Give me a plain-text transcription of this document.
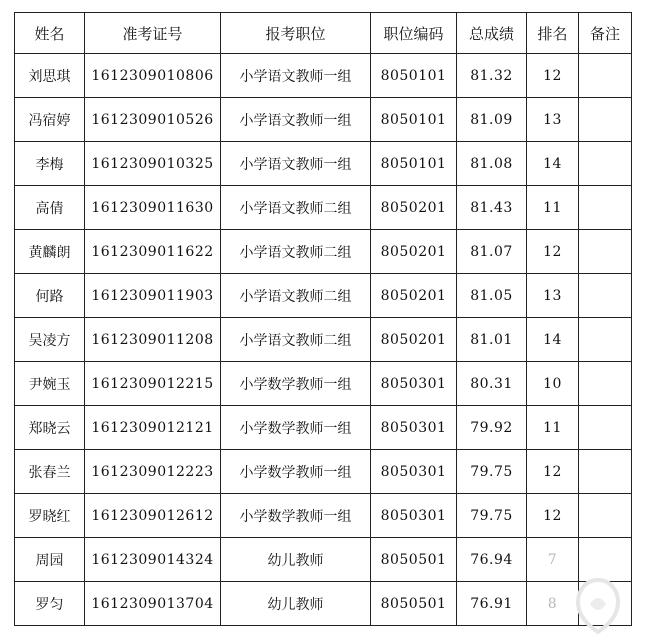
姓名	准考证号	报考职位	职位编码	总成绩	排名	备注
刘思琪	1612309010806	小学语文教师一组	8050101	81.32	12	
冯宿婷	1612309010526	小学语文教师一组	8050101	81.09	13	
李梅	1612309010325	小学语文教师一组	8050101	81.08	14	
高倩	1612309011630	小学语文教师二组	8050201	81.43	11	
黄麟朗	1612309011622	小学语文教师二组	8050201	81.07	12	
何路	1612309011903	小学语文教师二组	8050201	81.05	13	
吴凌方	1612309011208	小学语文教师二组	8050201	81.01	14	
尹婉玉	1612309012215	小学数学教师一组	8050301	80.31	10	
郑晓云	1612309012121	小学数学教师一组	8050301	79.92	11	
张春兰	1612309012223	小学数学教师一组	8050301	79.75	12	
罗晓红	1612309012612	小学数学教师一组	8050301	79.75	12	
周园	1612309014324	幼儿教师	8050501	76.94	7	
罗匀	1612309013704	幼儿教师	8050501	76.91	8	
